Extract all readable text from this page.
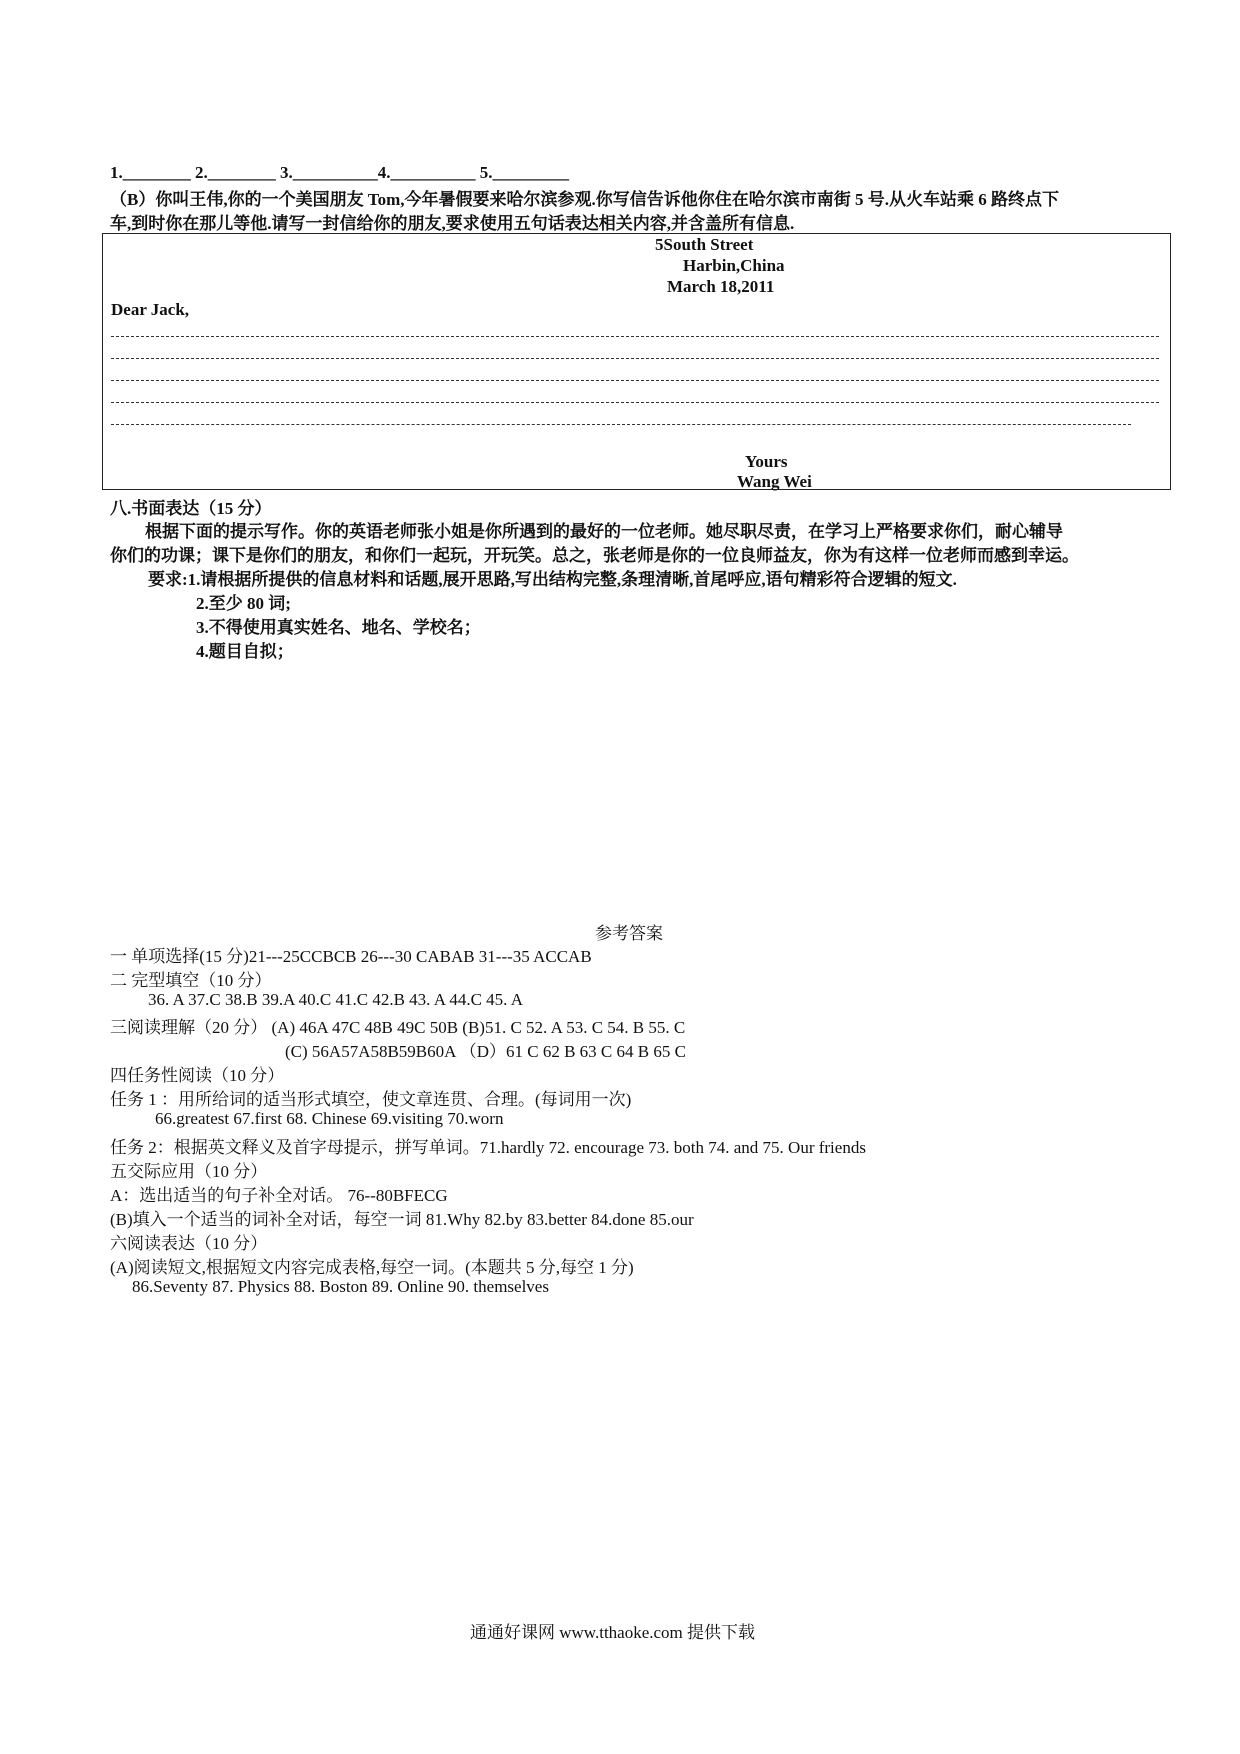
1.________ 2.________ 3.__________4.__________ 5._________
（B）你叫王伟,你的一个美国朋友 Tom,今年暑假要来哈尔滨参观.你写信告诉他你住在哈尔滨市南街 5 号.从火车站乘 6 路终点下
车,到时你在那儿等他.请写一封信给你的朋友,要求使用五句话表达相关内容,并含盖所有信息.
5South Street
Harbin,China
March 18,2011
Dear Jack,
Yours
Wang Wei
八.书面表达（15 分）
根据下面的提示写作。你的英语老师张小姐是你所遇到的最好的一位老师。她尽职尽责，在学习上严格要求你们，耐心辅导
你们的功课；课下是你们的朋友，和你们一起玩，开玩笑。总之，张老师是你的一位良师益友，你为有这样一位老师而感到幸运。
要求:1.请根据所提供的信息材料和话题,展开思路,写出结构完整,条理清晰,首尾呼应,语句精彩符合逻辑的短文.
2.至少 80 词;
3.不得使用真实姓名、地名、学校名；
4.题目自拟；
参考答案
一 单项选择(15 分)21---25CCBCB 26---30 CABAB 31---35 ACCAB
二 完型填空（10 分）
36. A 37.C 38.B 39.A 40.C 41.C 42.B 43. A 44.C 45. A
三阅读理解（20 分） (A) 46A 47C 48B 49C 50B (B)51. C 52. A 53. C 54. B 55. C
(C) 56A57A58B59B60A （D）61 C 62 B 63 C 64 B 65 C
四任务性阅读（10 分）
任务 1 ：用所给词的适当形式填空，使文章连贯、合理。(每词用一次)
66.greatest 67.first 68. Chinese 69.visiting 70.worn
任务 2：根据英文释义及首字母提示，拼写单词。71.hardly 72. encourage 73. both 74. and 75. Our friends
五交际应用（10 分）
A：选出适当的句子补全对话。 76--80BFECG
(B)填入一个适当的词补全对话，每空一词 81.Why 82.by 83.better 84.done 85.our
六阅读表达（10 分）
(A)阅读短文,根据短文内容完成表格,每空一词。(本题共 5 分,每空 1 分)
86.Seventy 87. Physics 88. Boston 89. Online 90. themselves
通通好课网 www.tthaoke.com 提供下载
